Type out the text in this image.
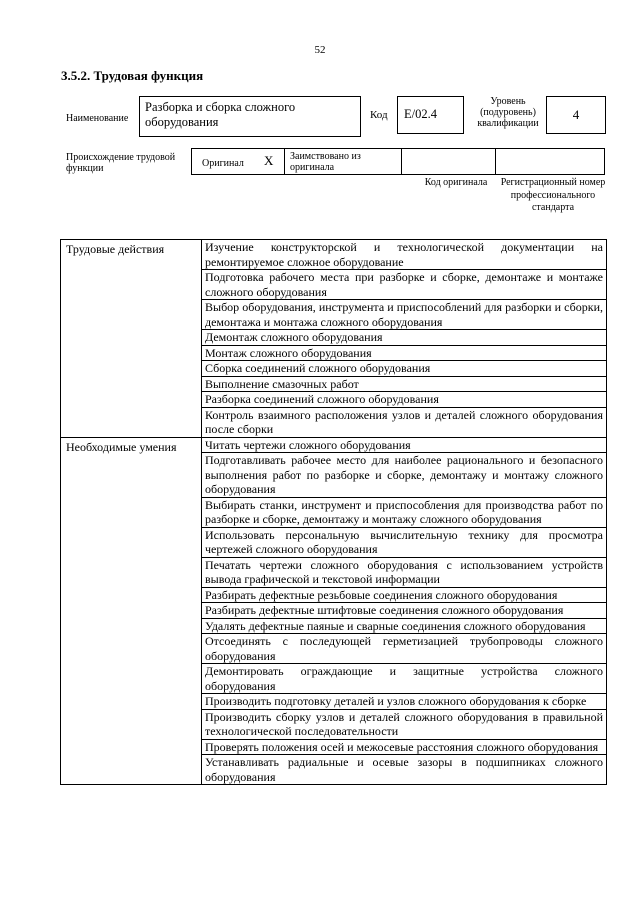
52
3.5.2. Трудовая функция
Наименование
Разборка и сборка сложного оборудования	Код	E/02.4
Уровень (подуровень) квалификации
4
Происхождение трудовой функции	Оригинал X Заимствовано из оригинала
Код оригинала	Регистрационный номер профессионального стандарта
Трудовые действия	Изучение конструкторской и технологической документации на ремонтируемое сложное оборудование
	Подготовка рабочего места при разборке и сборке, демонтаже и монтаже сложного оборудования
	Выбор оборудования, инструмента и приспособлений для разборки и сборки, демонтажа и монтажа сложного оборудования
	Демонтаж сложного оборудования
	Монтаж сложного оборудования
	Сборка соединений сложного оборудования
	Выполнение смазочных работ
	Разборка соединений сложного оборудования
	Контроль взаимного расположения узлов и деталей сложного оборудования после сборки
Необходимые умения	Читать чертежи сложного оборудования
	Подготавливать рабочее место для наиболее рационального и безопасного выполнения работ по разборке и сборке, демонтажу и монтажу сложного оборудования
	Выбирать станки, инструмент и приспособления для производства работ по разборке и сборке, демонтажу и монтажу сложного оборудования
	Использовать персональную вычислительную технику для просмотра чертежей сложного оборудования
	Печатать чертежи сложного оборудования с использованием устройств вывода графической и текстовой информации
	Разбирать дефектные резьбовые соединения сложного оборудования
	Разбирать дефектные штифтовые соединения сложного оборудования
	Удалять дефектные паяные и сварные соединения сложного оборудования
	Отсоединять с последующей герметизацией трубопроводы сложного оборудования
	Демонтировать ограждающие и защитные устройства сложного оборудования
	Производить подготовку деталей и узлов сложного оборудования к сборке
	Производить сборку узлов и деталей сложного оборудования в правильной технологической последовательности
	Проверять положения осей и межосевые расстояния сложного оборудования
	Устанавливать радиальные и осевые зазоры в подшипниках сложного оборудования
